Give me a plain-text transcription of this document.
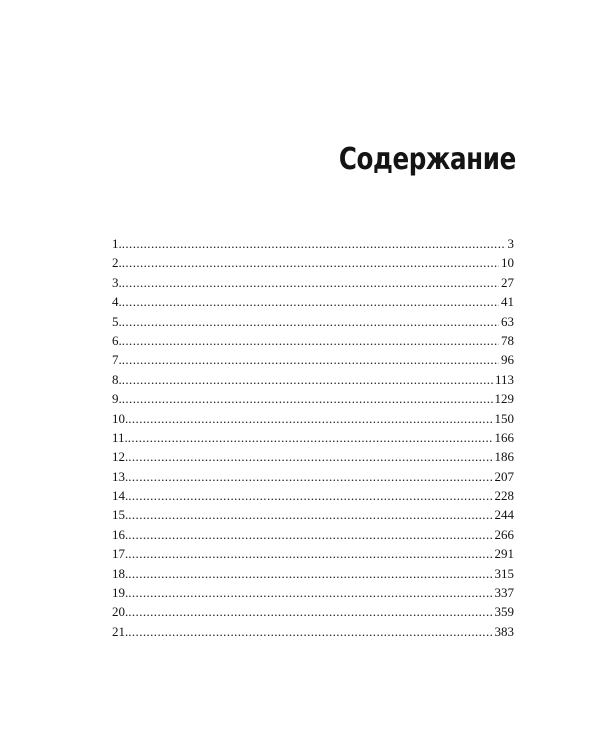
Содержание
1. .....	3
2. .....	10
3. .....	27
4. .....	41
5. .....	63
6. .....	78
7. .....	96
8. .....	113
9. .....	129
10. .....	150
11. .....	166
12. .....	186
13. .....	207
14. .....	228
15. .....	244
16. .....	266
17. .....	291
18. .....	315
19. .....	337
20. .....	359
21. .....	383
